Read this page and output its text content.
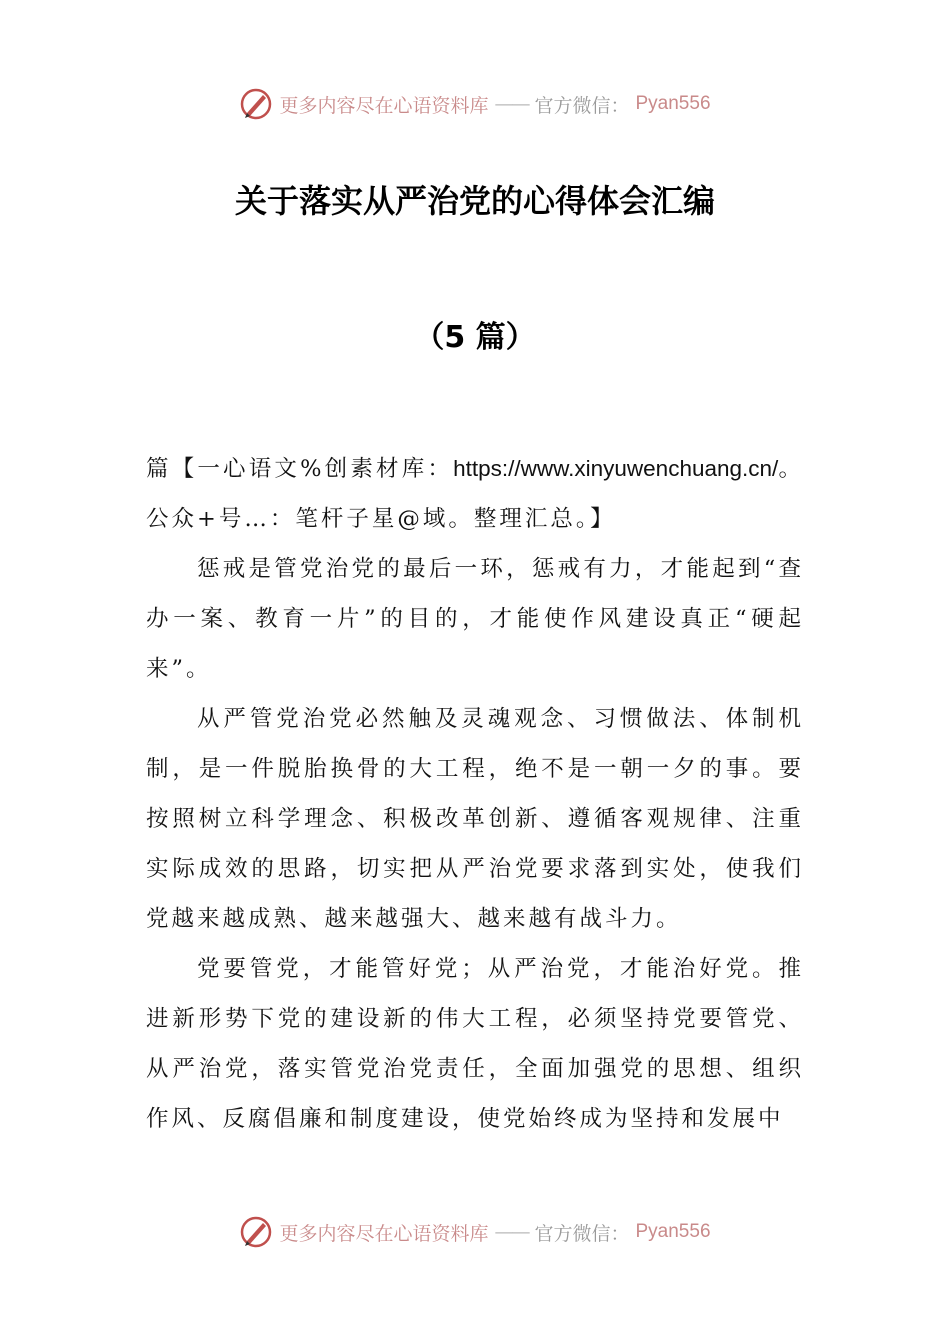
更多内容尽在心语资料库 —— 官方微信： Pyan556
关于落实从严治党的心得体会汇编
（5 篇）

篇【一心语文%创素材库：https://www.xinyuwenchuang.cn/。公众+号…：笔杆子星@域。整理汇总。】

惩戒是管党治党的最后一环，惩戒有力，才能起到“查办一案、教育一片”的目的，才能使作风建设真正“硬起来”。

从严管党治党必然触及灵魂观念、习惯做法、体制机制，是一件脱胎换骨的大工程，绝不是一朝一夕的事。要按照树立科学理念、积极改革创新、遵循客观规律、注重实际成效的思路，切实把从严治党要求落到实处，使我们党越来越成熟、越来越强大、越来越有战斗力。

党要管党，才能管好党；从严治党，才能治好党。推进新形势下党的建设新的伟大工程，必须坚持党要管党、从严治党，落实管党治党责任，全面加强党的思想、组织作风、反腐倡廉和制度建设，使党始终成为坚持和发展中

更多内容尽在心语资料库 —— 官方微信： Pyan556
